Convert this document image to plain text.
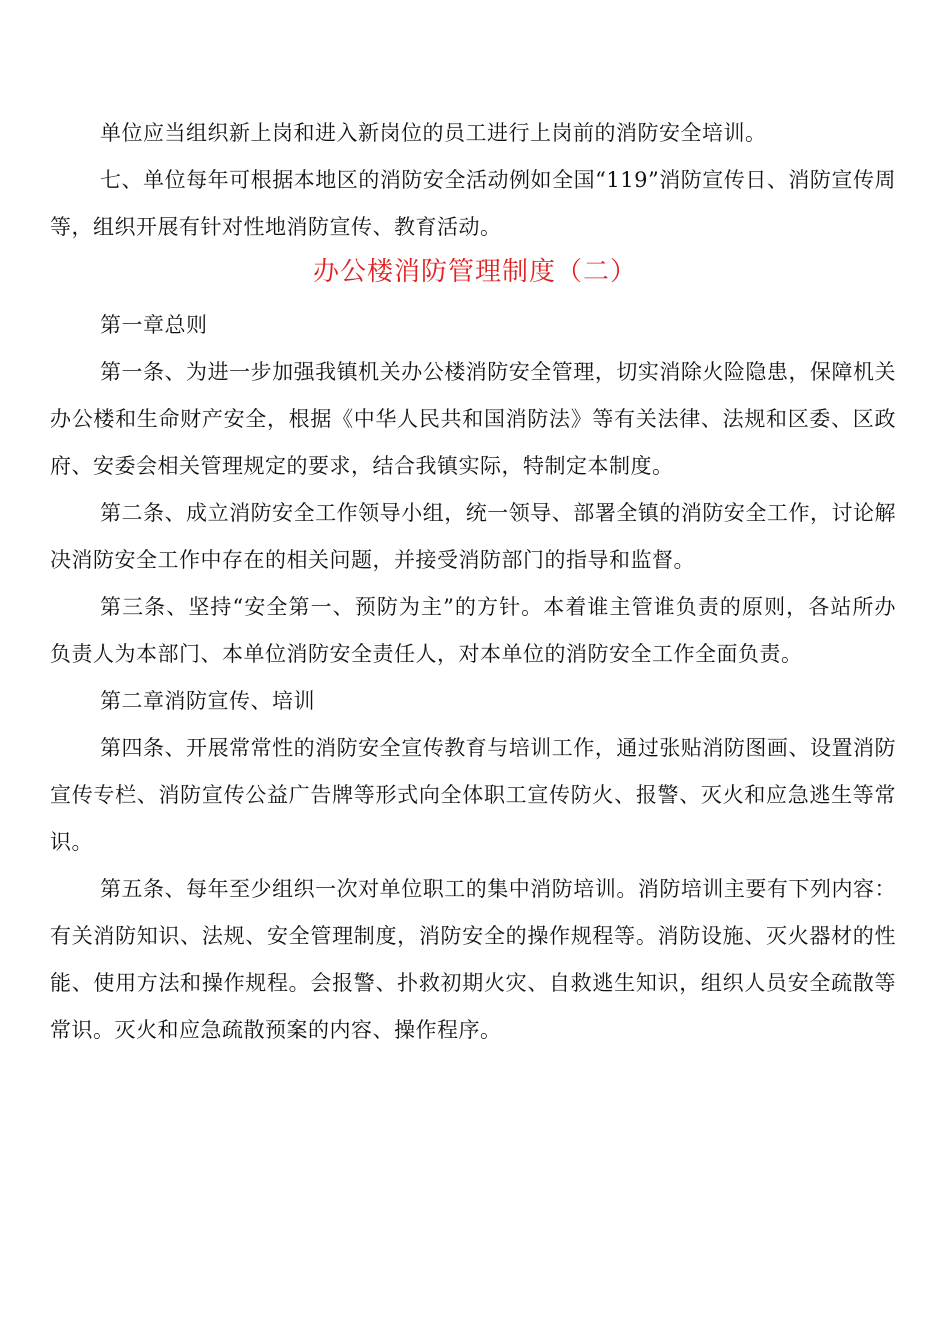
单位应当组织新上岗和进入新岗位的员工进行上岗前的消防安全培训。

七、单位每年可根据本地区的消防安全活动例如全国“119”消防宣传日、消防宣传周等，组织开展有针对性地消防宣传、教育活动。

办公楼消防管理制度（二）

第一章总则

第一条、为进一步加强我镇机关办公楼消防安全管理，切实消除火险隐患，保障机关办公楼和生命财产安全，根据《中华人民共和国消防法》等有关法律、法规和区委、区政府、安委会相关管理规定的要求，结合我镇实际，特制定本制度。

第二条、成立消防安全工作领导小组，统一领导、部署全镇的消防安全工作，讨论解决消防安全工作中存在的相关问题，并接受消防部门的指导和监督。

第三条、坚持“安全第一、预防为主”的方针。本着谁主管谁负责的原则，各站所办负责人为本部门、本单位消防安全责任人，对本单位的消防安全工作全面负责。

第二章消防宣传、培训

第四条、开展常常性的消防安全宣传教育与培训工作，通过张贴消防图画、设置消防宣传专栏、消防宣传公益广告牌等形式向全体职工宣传防火、报警、灭火和应急逃生等常识。

第五条、每年至少组织一次对单位职工的集中消防培训。消防培训主要有下列内容：有关消防知识、法规、安全管理制度，消防安全的操作规程等。消防设施、灭火器材的性能、使用方法和操作规程。会报警、扑救初期火灾、自救逃生知识，组织人员安全疏散等常识。灭火和应急疏散预案的内容、操作程序。
